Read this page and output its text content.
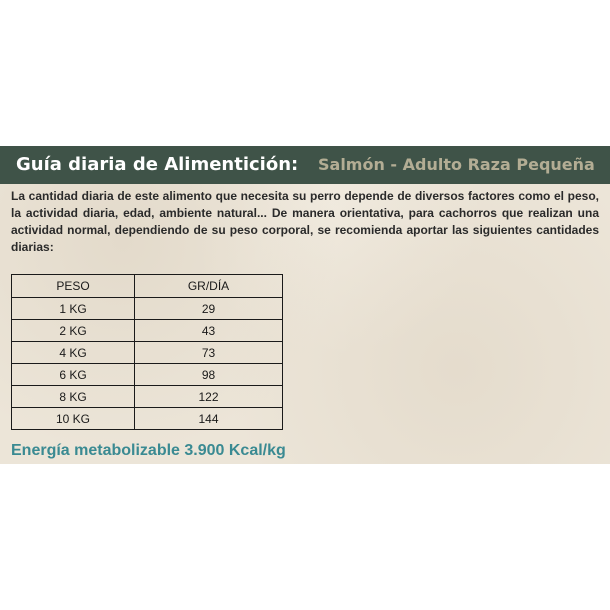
Guía diaria de Alimentición: Salmón - Adulto Raza Pequeña
La cantidad diaria de este alimento que necesita su perro depende de diversos factores como el peso, la actividad diaria, edad, ambiente natural... De manera orientativa, para cachorros que realizan una actividad normal, dependiendo de su peso corporal, se recomienda aportar las siguientes cantidades diarias:
PESO	GR/DÍA
1 KG	29
2 KG	43
4 KG	73
6 KG	98
8 KG	122
10 KG	144
Energía metabolizable 3.900 Kcal/kg
